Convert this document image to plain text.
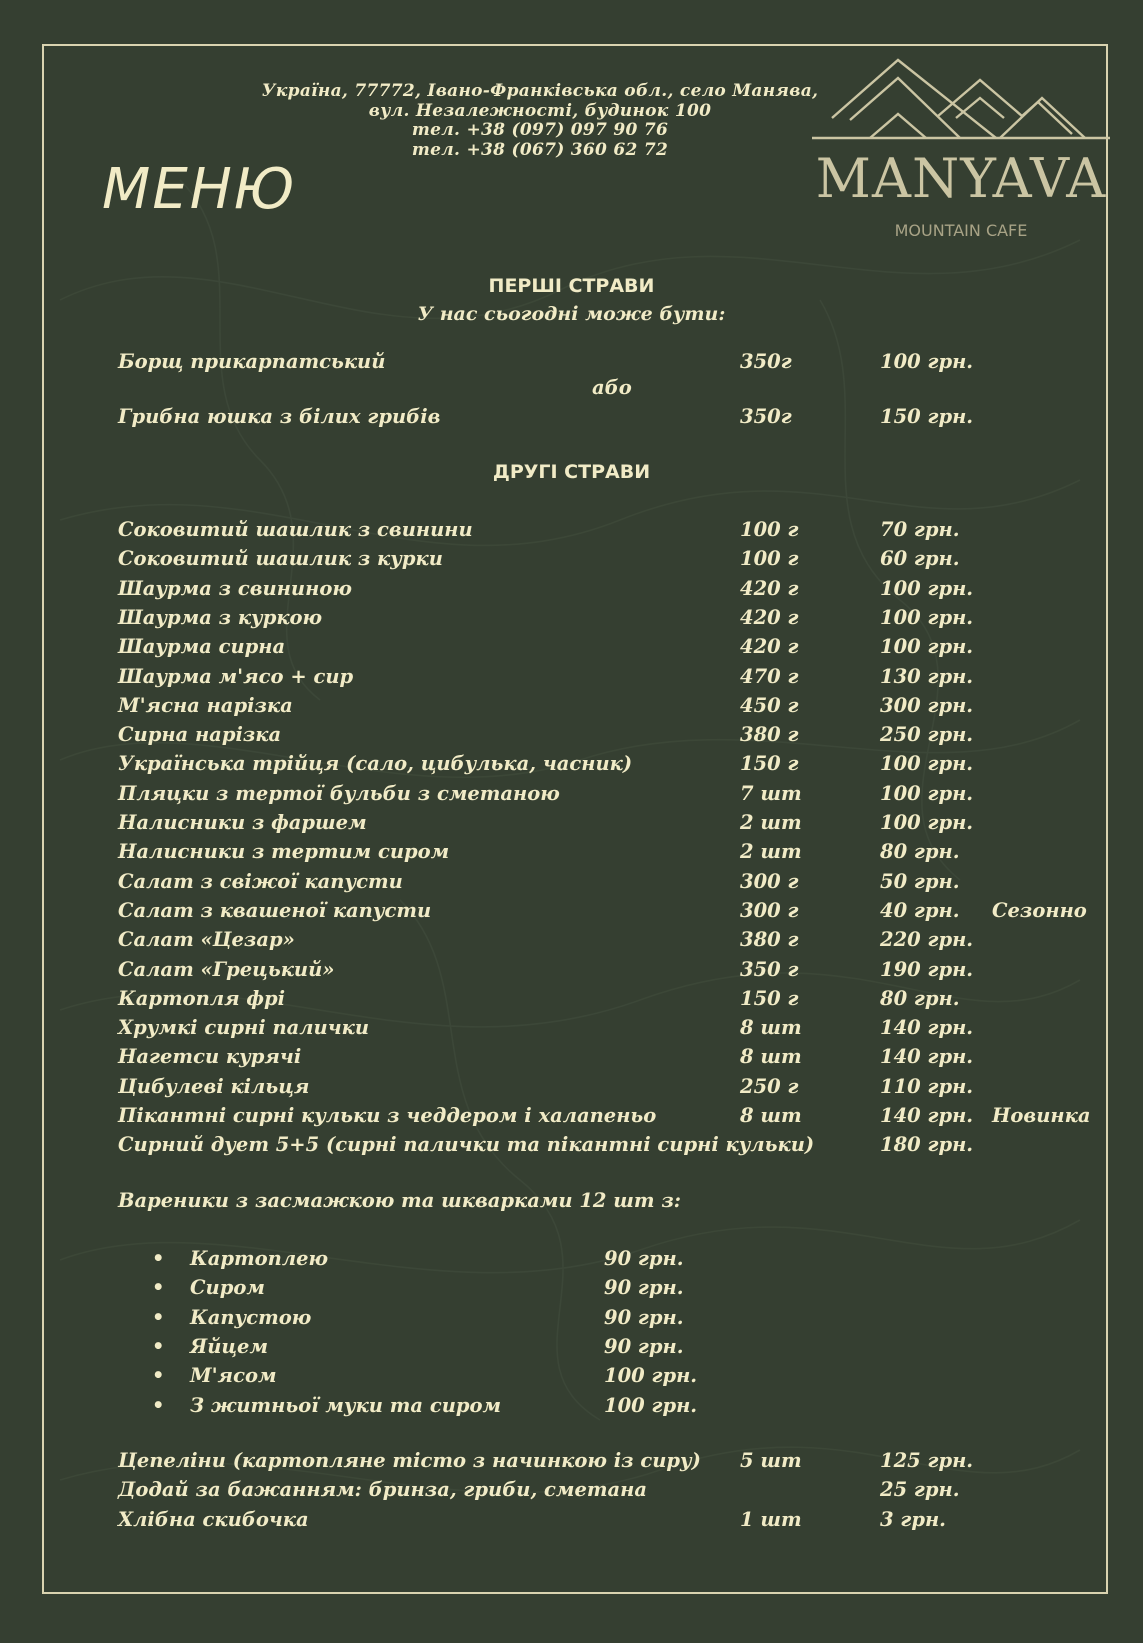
Україна, 77772, Івано-Франківська обл., село Манява,
вул. Незалежності, будинок 100
тел. +38 (097) 097 90 76
тел. +38 (067) 360 62 72
МЕНЮ	MANYAVA
MOUNTAIN CAFE
ПЕРШІ СТРАВИ
У нас сьогодні може бути:
Борщ прикарпатський	350г	100 грн.
або
Грибна юшка з білих грибів	350г	150 грн.
ДРУГІ СТРАВИ
Соковитий шашлик з свинини	100 г	70 грн.
Соковитий шашлик з курки	100 г	60 грн.
Шаурма з свининою	420 г	100 грн.
Шаурма з куркою	420 г	100 грн.
Шаурма сирна	420 г	100 грн.
Шаурма м'ясо + сир	470 г	130 грн.
М'ясна нарізка	450 г	300 грн.
Сирна нарізка	380 г	250 грн.
Українська трійця (сало, цибулька, часник)	150 г	100 грн.
Пляцки з тертої бульби з сметаною	7 шт	100 грн.
Налисники з фаршем	2 шт	100 грн.
Налисники з тертим сиром	2 шт	80 грн.
Салат з свіжої капусти	300 г	50 грн.
Салат з квашеної капусти	300 г	40 грн. Сезонно
Салат «Цезар»	380 г	220 грн.
Салат «Грецький»	350 г	190 грн.
Картопля фрі	150 г	80 грн.
Хрумкі сирні палички	8 шт	140 грн.
Нагетси курячі	8 шт	140 грн.
Цибулеві кільця	250 г	110 грн.
Пікантні сирні кульки з чеддером і халапеньо	8 шт	140 грн. Новинка
Сирний дует 5+5 (сирні палички та пікантні сирні кульки)	180 грн.
Вареники з засмажкою та шкварками 12 шт з:
• Картоплею	90 грн.
• Сиром	90 грн.
• Капустою	90 грн.
• Яйцем	90 грн.
• М'ясом	100 грн.
• З житньої муки та сиром	100 грн.
Цепеліни (картопляне тісто з начинкою із сиру) 5 шт	125 грн.
Додай за бажанням: бринза, гриби, сметана	25 грн.
Хлібна скибочка	1 шт	3 грн.
